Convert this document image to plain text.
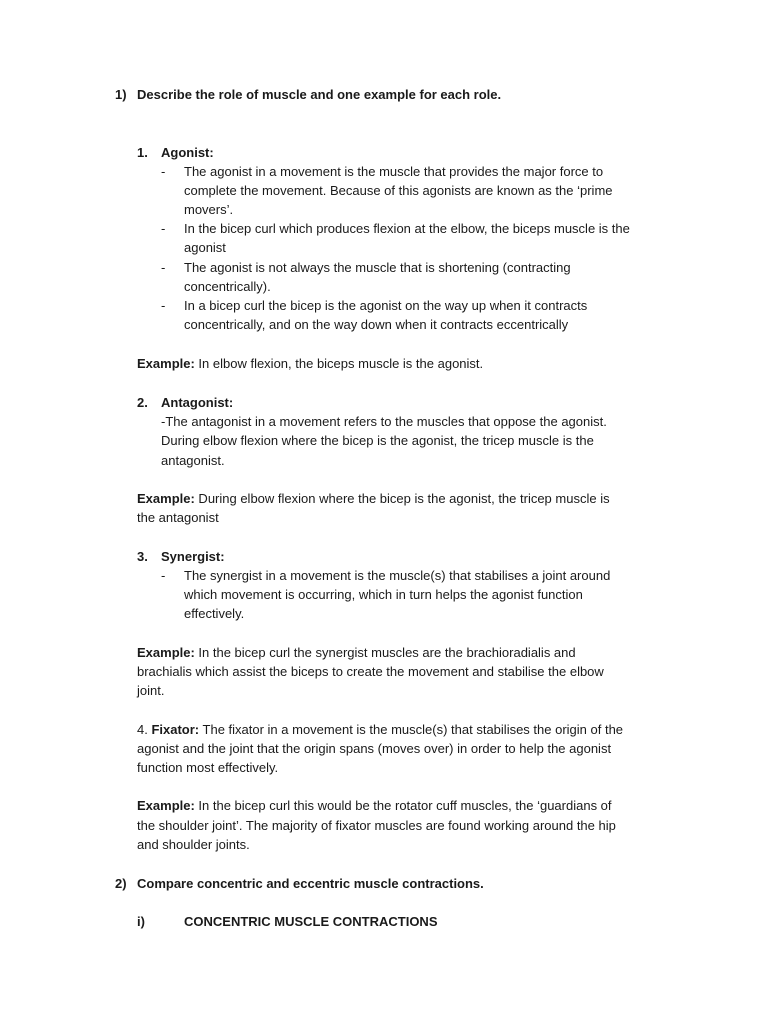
1) Describe the role of muscle and one example for each role.
1. Agonist:
- The agonist in a movement is the muscle that provides the major force to
complete the movement. Because of this agonists are known as the ‘prime
movers’.
- In the bicep curl which produces flexion at the elbow, the biceps muscle is the
agonist
- The agonist is not always the muscle that is shortening (contracting
concentrically).
- In a bicep curl the bicep is the agonist on the way up when it contracts
concentrically, and on the way down when it contracts eccentrically
Example: In elbow flexion, the biceps muscle is the agonist.
2. Antagonist:
-The antagonist in a movement refers to the muscles that oppose the agonist.
During elbow flexion where the bicep is the agonist, the tricep muscle is the
antagonist.
Example: During elbow flexion where the bicep is the agonist, the tricep muscle is
the antagonist
3. Synergist:
- The synergist in a movement is the muscle(s) that stabilises a joint around
which movement is occurring, which in turn helps the agonist function
effectively.
Example: In the bicep curl the synergist muscles are the brachioradialis and
brachialis which assist the biceps to create the movement and stabilise the elbow
joint.
4. Fixator: The fixator in a movement is the muscle(s) that stabilises the origin of the
agonist and the joint that the origin spans (moves over) in order to help the agonist
function most effectively.
Example: In the bicep curl this would be the rotator cuff muscles, the ‘guardians of
the shoulder joint’. The majority of fixator muscles are found working around the hip
and shoulder joints.
2) Compare concentric and eccentric muscle contractions.
i)	CONCENTRIC MUSCLE CONTRACTIONS
